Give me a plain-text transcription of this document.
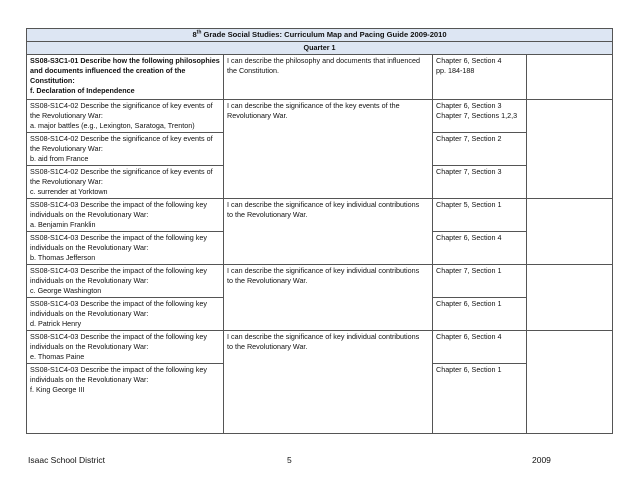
8th Grade Social Studies: Curriculum Map and Pacing Guide 2009-2010			
Quarter 1			

SS08-S3C1-01 Describe how the following philosophies
and documents influenced the creation of the
Constitution:
f. Declaration of Independence	I can describe the philosophy and documents that influenced
the Constitution.	Chapter 6, Section 4
pp. 184-188	

SS08-S1C4-02 Describe the significance of key events of
the Revolutionary War:
a. major battles (e.g., Lexington, Saratoga, Trenton)	I can describe the significance of the key events of the
Revolutionary War.	Chapter 6, Section 3
Chapter 7, Sections 1,2,3	

SS08-S1C4-02 Describe the significance of key events of
the Revolutionary War:
b. aid from France		Chapter 7, Section 2	

SS08-S1C4-02 Describe the significance of key events of
the Revolutionary War:
c. surrender at Yorktown		Chapter 7, Section 3	

SS08-S1C4-03 Describe the impact of the following key
individuals on the Revolutionary War:
a. Benjamin Franklin	I can describe the significance of key individual contributions
to the Revolutionary War.	Chapter 5, Section 1	

SS08-S1C4-03 Describe the impact of the following key
individuals on the Revolutionary War:
b. Thomas Jefferson		Chapter 6, Section 4	

SS08-S1C4-03 Describe the impact of the following key
individuals on the Revolutionary War:
c. George Washington	I can describe the significance of key individual contributions
to the Revolutionary War.	Chapter 7, Section 1	

SS08-S1C4-03 Describe the impact of the following key
individuals on the Revolutionary War:
d. Patrick Henry		Chapter 6, Section 1	

SS08-S1C4-03 Describe the impact of the following key
individuals on the Revolutionary War:
e. Thomas Paine	I can describe the significance of key individual contributions
to the Revolutionary War.	Chapter 6, Section 4	

SS08-S1C4-03 Describe the impact of the following key
individuals on the Revolutionary War:
f. King George III		Chapter 6, Section 1	
Isaac School District	5	2009
